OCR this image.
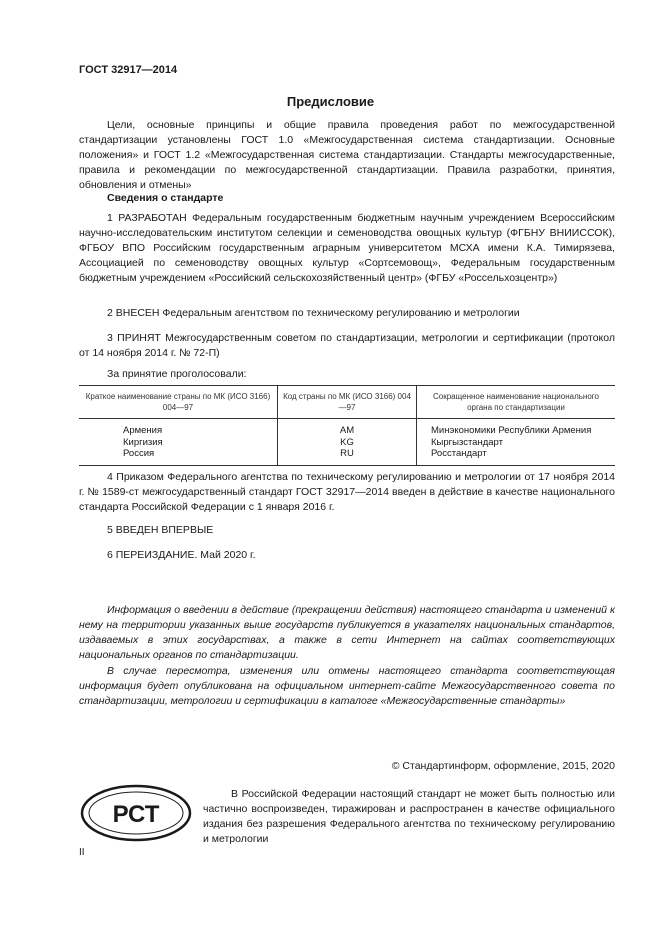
ГОСТ 32917—2014
Предисловие
Цели, основные принципы и общие правила проведения работ по межгосударственной стандартизации установлены ГОСТ 1.0 «Межгосударственная система стандартизации. Основные положения» и ГОСТ 1.2 «Межгосударственная система стандартизации. Стандарты межгосударственные, правила и рекомендации по межгосударственной стандартизации. Правила разработки, принятия, обновления и отмены»
Сведения о стандарте
1 РАЗРАБОТАН Федеральным государственным бюджетным научным учреждением Всероссийским научно-исследовательским институтом селекции и семеноводства овощных культур (ФГБНУ ВНИИССОК), ФГБОУ ВПО Российским государственным аграрным университетом МСХА имени К.А. Тимирязева, Ассоциацией по семеноводству овощных культур «Сортсемовощ», Федеральным государственным бюджетным учреждением «Российский сельскохозяйственный центр» (ФГБУ «Россельхозцентр»)
2 ВНЕСЕН Федеральным агентством по техническому регулированию и метрологии
3 ПРИНЯТ Межгосударственным советом по стандартизации, метрологии и сертификации (протокол от 14 ноября 2014 г. № 72-П)
За принятие проголосовали:
Краткое наименование страны по МК (ИСО 3166) 004—97	Код страны по МК (ИСО 3166) 004—97	Сокращенное наименование национального органа по стандартизации
Армения	AM	Минэкономики Республики Армения
Киргизия	KG	Кыргызстандарт
Россия	RU	Росстандарт
4 Приказом Федерального агентства по техническому регулированию и метрологии от 17 ноября 2014 г. № 1589-ст межгосударственный стандарт ГОСТ 32917—2014 введен в действие в качестве национального стандарта Российской Федерации с 1 января 2016 г.
5 ВВЕДЕН ВПЕРВЫЕ
6 ПЕРЕИЗДАНИЕ. Май 2020 г.
Информация о введении в действие (прекращении действия) настоящего стандарта и изменений к нему на территории указанных выше государств публикуется в указателях национальных стандартов, издаваемых в этих государствах, а также в сети Интернет на сайтах соответствующих национальных органов по стандартизации.
В случае пересмотра, изменения или отмены настоящего стандарта соответствующая информация будет опубликована на официальном интернет-сайте Межгосударственного совета по стандартизации, метрологии и сертификации в каталоге «Межгосударственные стандарты»
© Стандартинформ, оформление, 2015, 2020
РСТ
В Российской Федерации настоящий стандарт не может быть полностью или частично воспроизведен, тиражирован и распространен в качестве официального издания без разрешения Федерального агентства по техническому регулированию и метрологии
II
